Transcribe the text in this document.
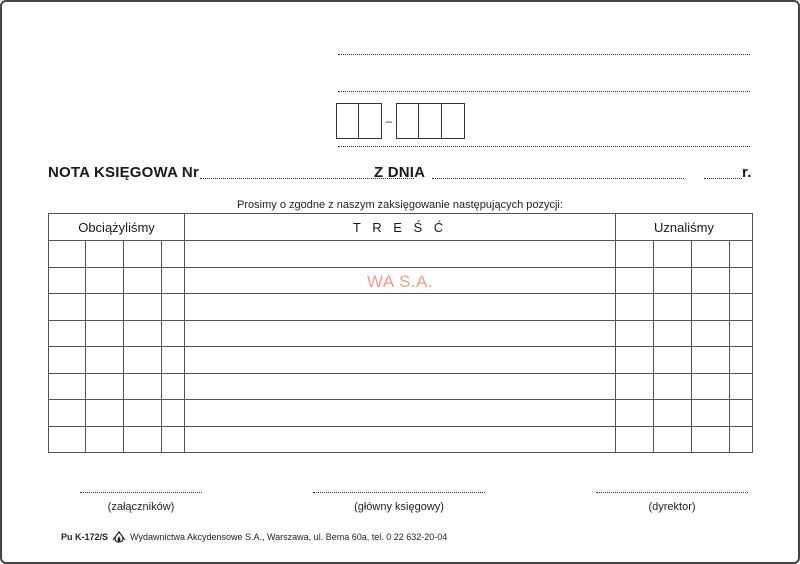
–
NOTA KSIĘGOWA Nr	Z DNIA	r.
Prosimy o zgodne z naszym zaksięgowanie następujących pozycji:
Obciążyliśmy				T R E Ś Ć	Uznaliśmy			

WA S.A.
(załączników)	(główny księgowy)	(dyrektor)
Pu K-172/S Wydawnictwa Akcydensowe S.A., Warszawa, ul. Bema 60a, tel. 0 22 632-20-04
